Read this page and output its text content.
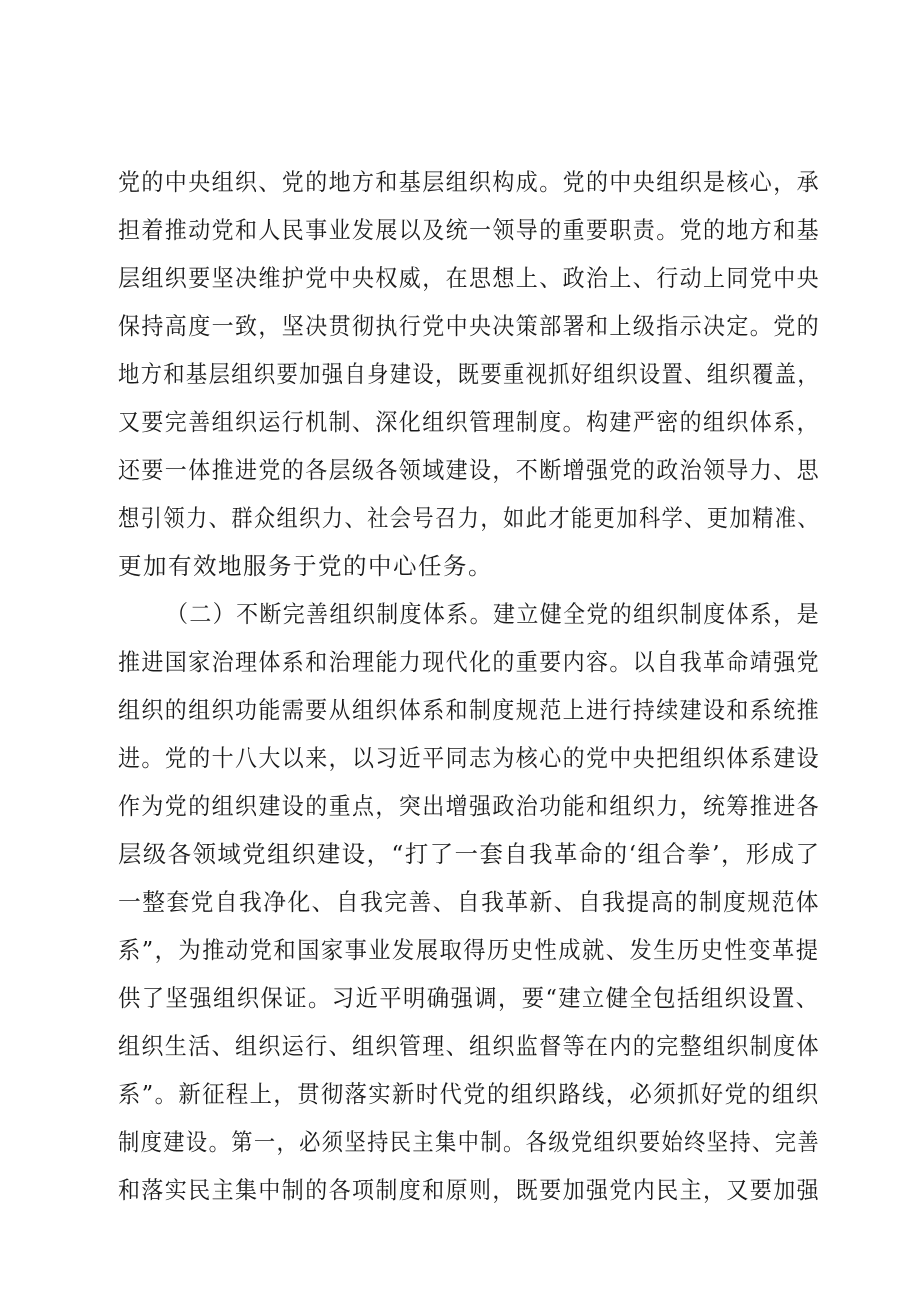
党的中央组织、党的地方和基层组织构成。党的中央组织是核心，承
担着推动党和人民事业发展以及统一领导的重要职责。党的地方和基
层组织要坚决维护党中央权威，在思想上、政治上、行动上同党中央
保持高度一致，坚决贯彻执行党中央决策部署和上级指示决定。党的
地方和基层组织要加强自身建设，既要重视抓好组织设置、组织覆盖，
又要完善组织运行机制、深化组织管理制度。构建严密的组织体系，
还要一体推进党的各层级各领域建设，不断增强党的政治领导力、思
想引领力、群众组织力、社会号召力，如此才能更加科学、更加精准、
更加有效地服务于党的中心任务。
（二）不断完善组织制度体系。建立健全党的组织制度体系，是
推进国家治理体系和治理能力现代化的重要内容。以自我革命靖强党
组织的组织功能需要从组织体系和制度规范上进行持续建设和系统推
进。党的十八大以来，以习近平同志为核心的党中央把组织体系建设
作为党的组织建设的重点，突出增强政治功能和组织力，统筹推进各
层级各领域党组织建设，“打了一套自我革命的‘组合拳’，形成了
一整套党自我净化、自我完善、自我革新、自我提高的制度规范体
系”，为推动党和国家事业发展取得历史性成就、发生历史性变革提
供了坚强组织保证。习近平明确强调，要“建立健全包括组织设置、
组织生活、组织运行、组织管理、组织监督等在内的完整组织制度体
系”。新征程上，贯彻落实新时代党的组织路线，必须抓好党的组织
制度建设。第一，必须坚持民主集中制。各级党组织要始终坚持、完善
和落实民主集中制的各项制度和原则，既要加强党内民主，又要加强
